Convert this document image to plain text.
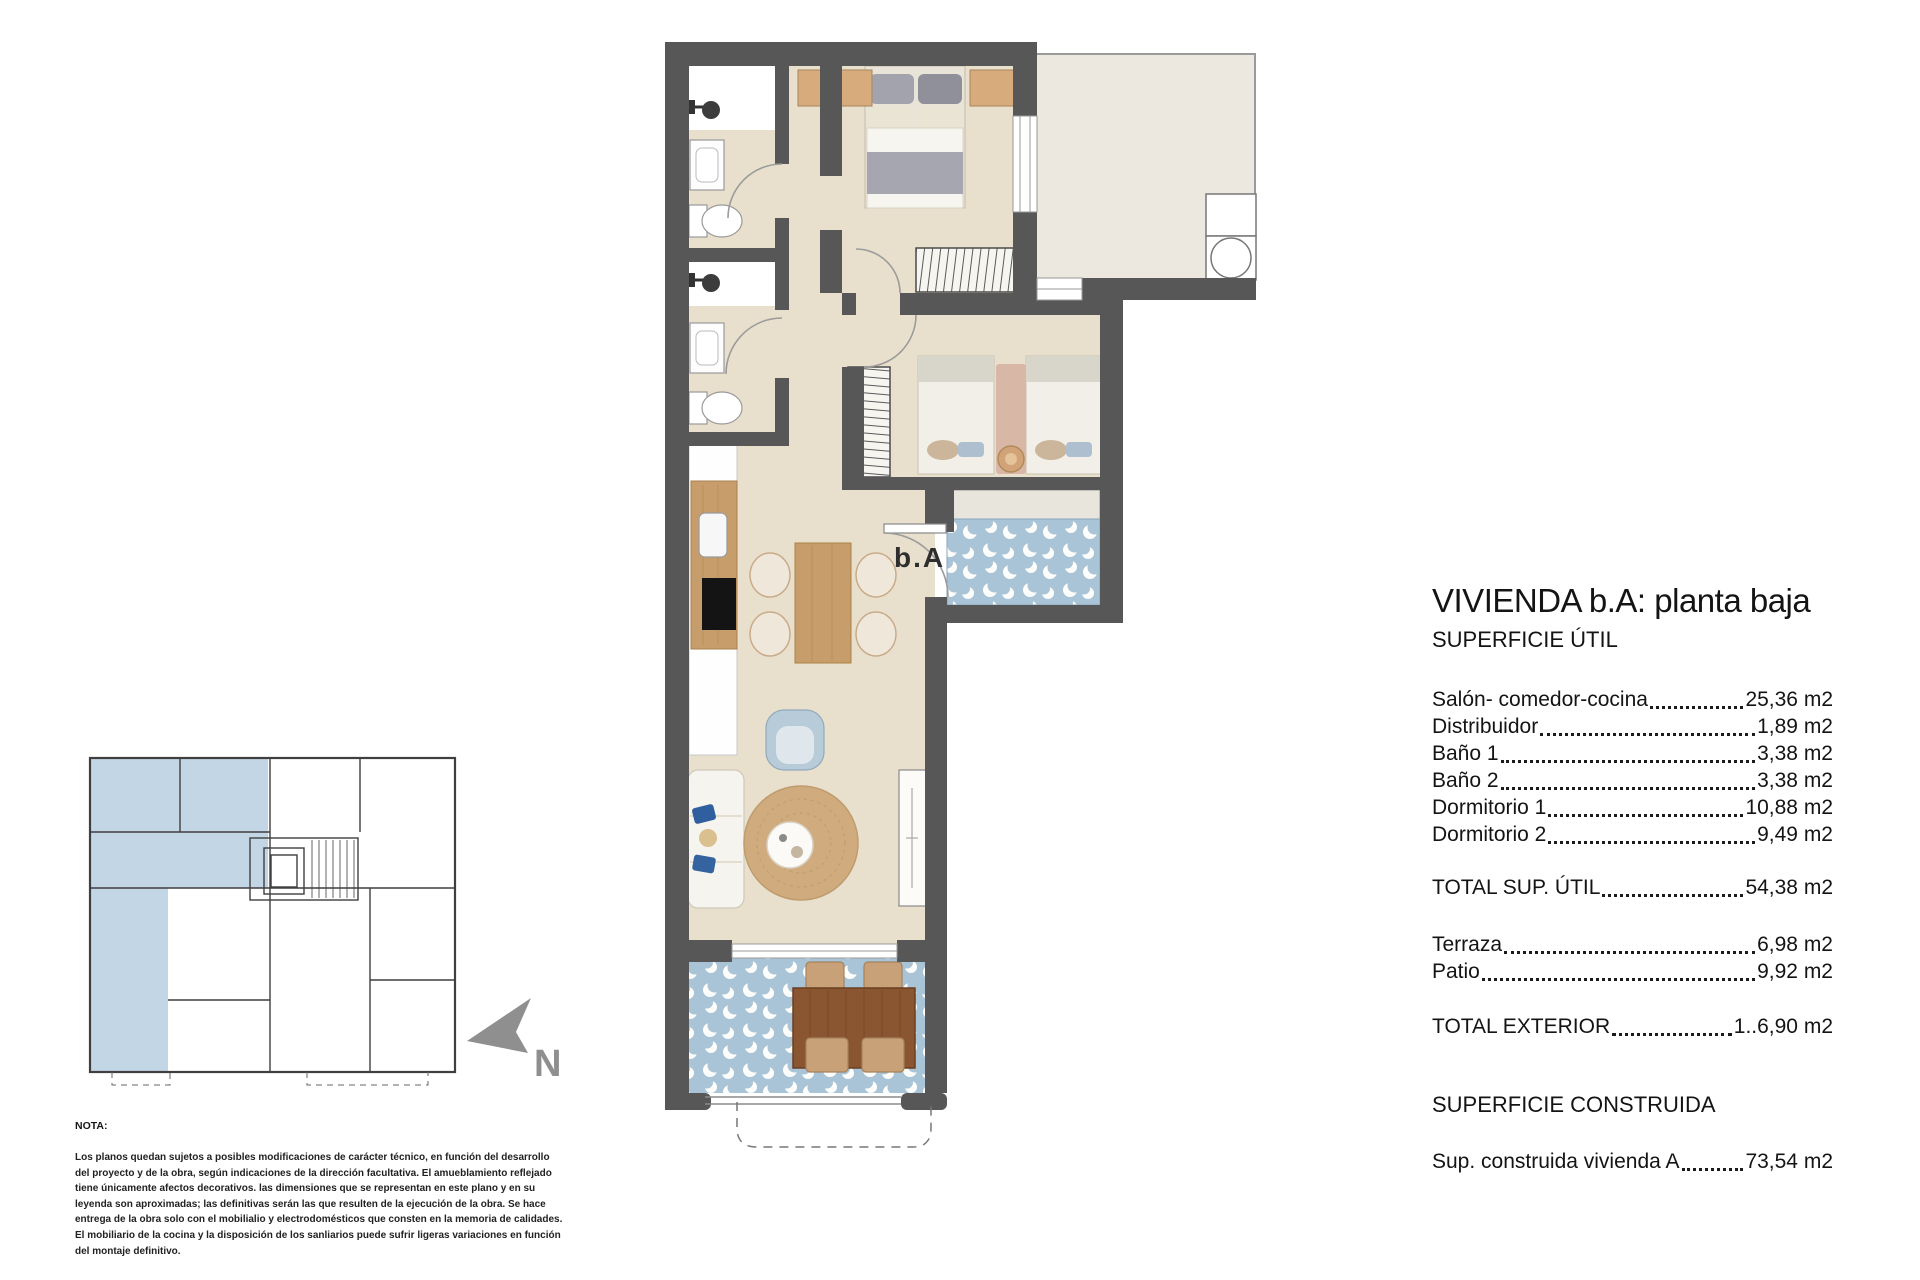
N
b.A
VIVIENDA b.A: planta baja
SUPERFICIE ÚTIL
Salón- comedor-cocina	25,36 m2
Distribuidor	1,89 m2
Baño 1	3,38 m2
Baño 2	3,38 m2
Dormitorio 1	10,88 m2
Dormitorio 2	9,49 m2
TOTAL SUP. ÚTIL	54,38 m2
Terraza	6,98 m2
Patio	9,92 m2
TOTAL EXTERIOR	1..6,90 m2
SUPERFICIE CONSTRUIDA
Sup. construida vivienda A	73,54 m2
NOTA:
Los planos quedan sujetos a posibles modificaciones de carácter técnico, en función del desarrollo
del proyecto y de la obra, según indicaciones de la dirección facultativa. El amueblamiento reflejado
tiene únicamente afectos decorativos. las dimensiones que se representan en este plano y en su
leyenda son aproximadas; las definitivas serán las que resulten de la ejecución de la obra. Se hace
entrega de la obra solo con el mobilialio y electrodomésticos que consten en la memoria de calidades.
El mobiliario de la cocina y la disposición de los sanliarios puede sufrir ligeras variaciones en función
del montaje definitivo.
